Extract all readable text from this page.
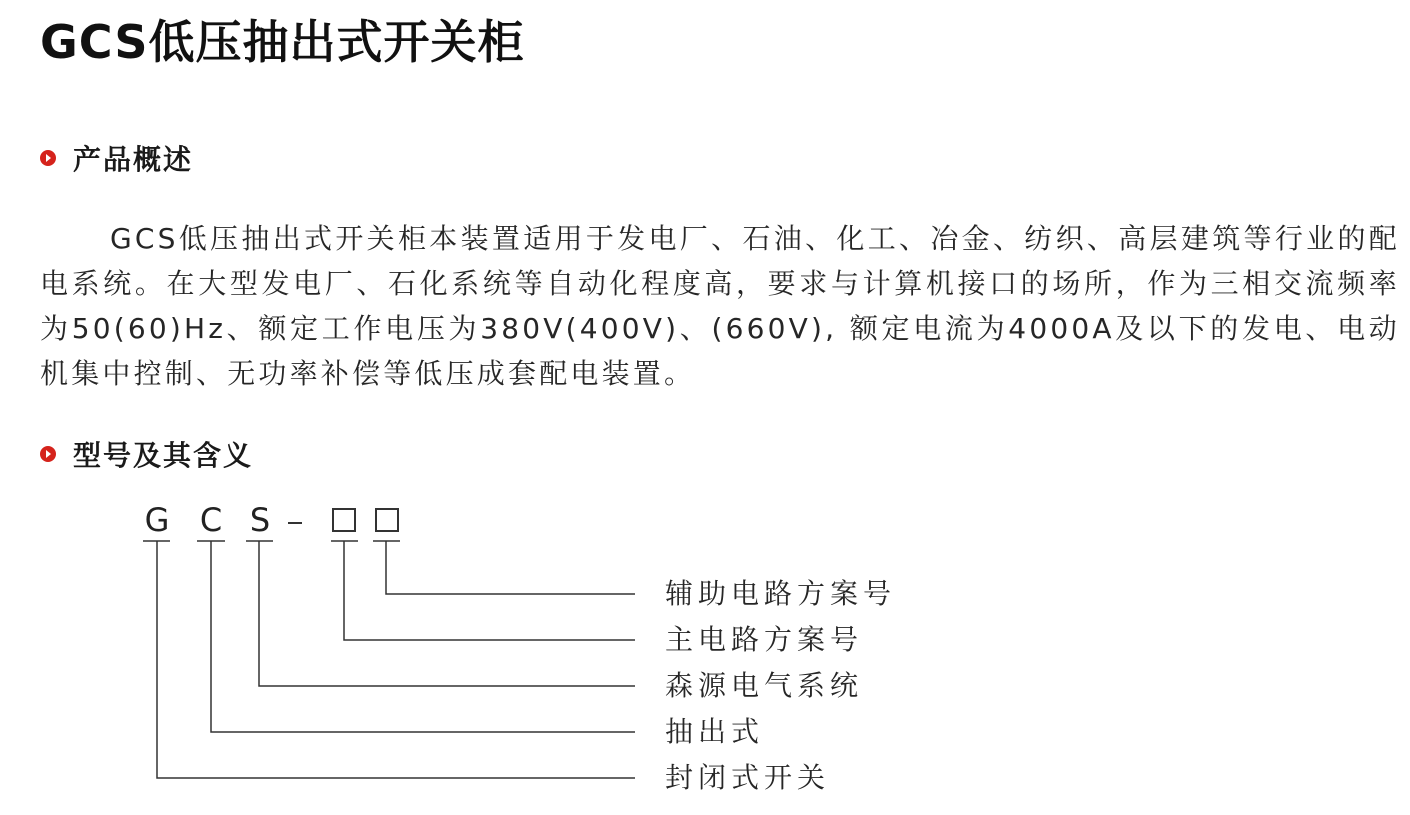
GCS低压抽出式开关柜
产品概述

GCS低压抽出式开关柜本装置适用于发电厂、石油、化工、冶金、纺织、高层建筑等行业的配电系统。在大型发电厂、石化系统等自动化程度高，要求与计算机接口的场所，作为三相交流频率为50(60)Hz、额定工作电压为380V(400V)、(660V), 额定电流为4000A及以下的发电、电动机集中控制、无功率补偿等低压成套配电装置。

型号及其含义
G C S
辅助电路方案号
主电路方案号
森源电气系统
抽出式
封闭式开关
